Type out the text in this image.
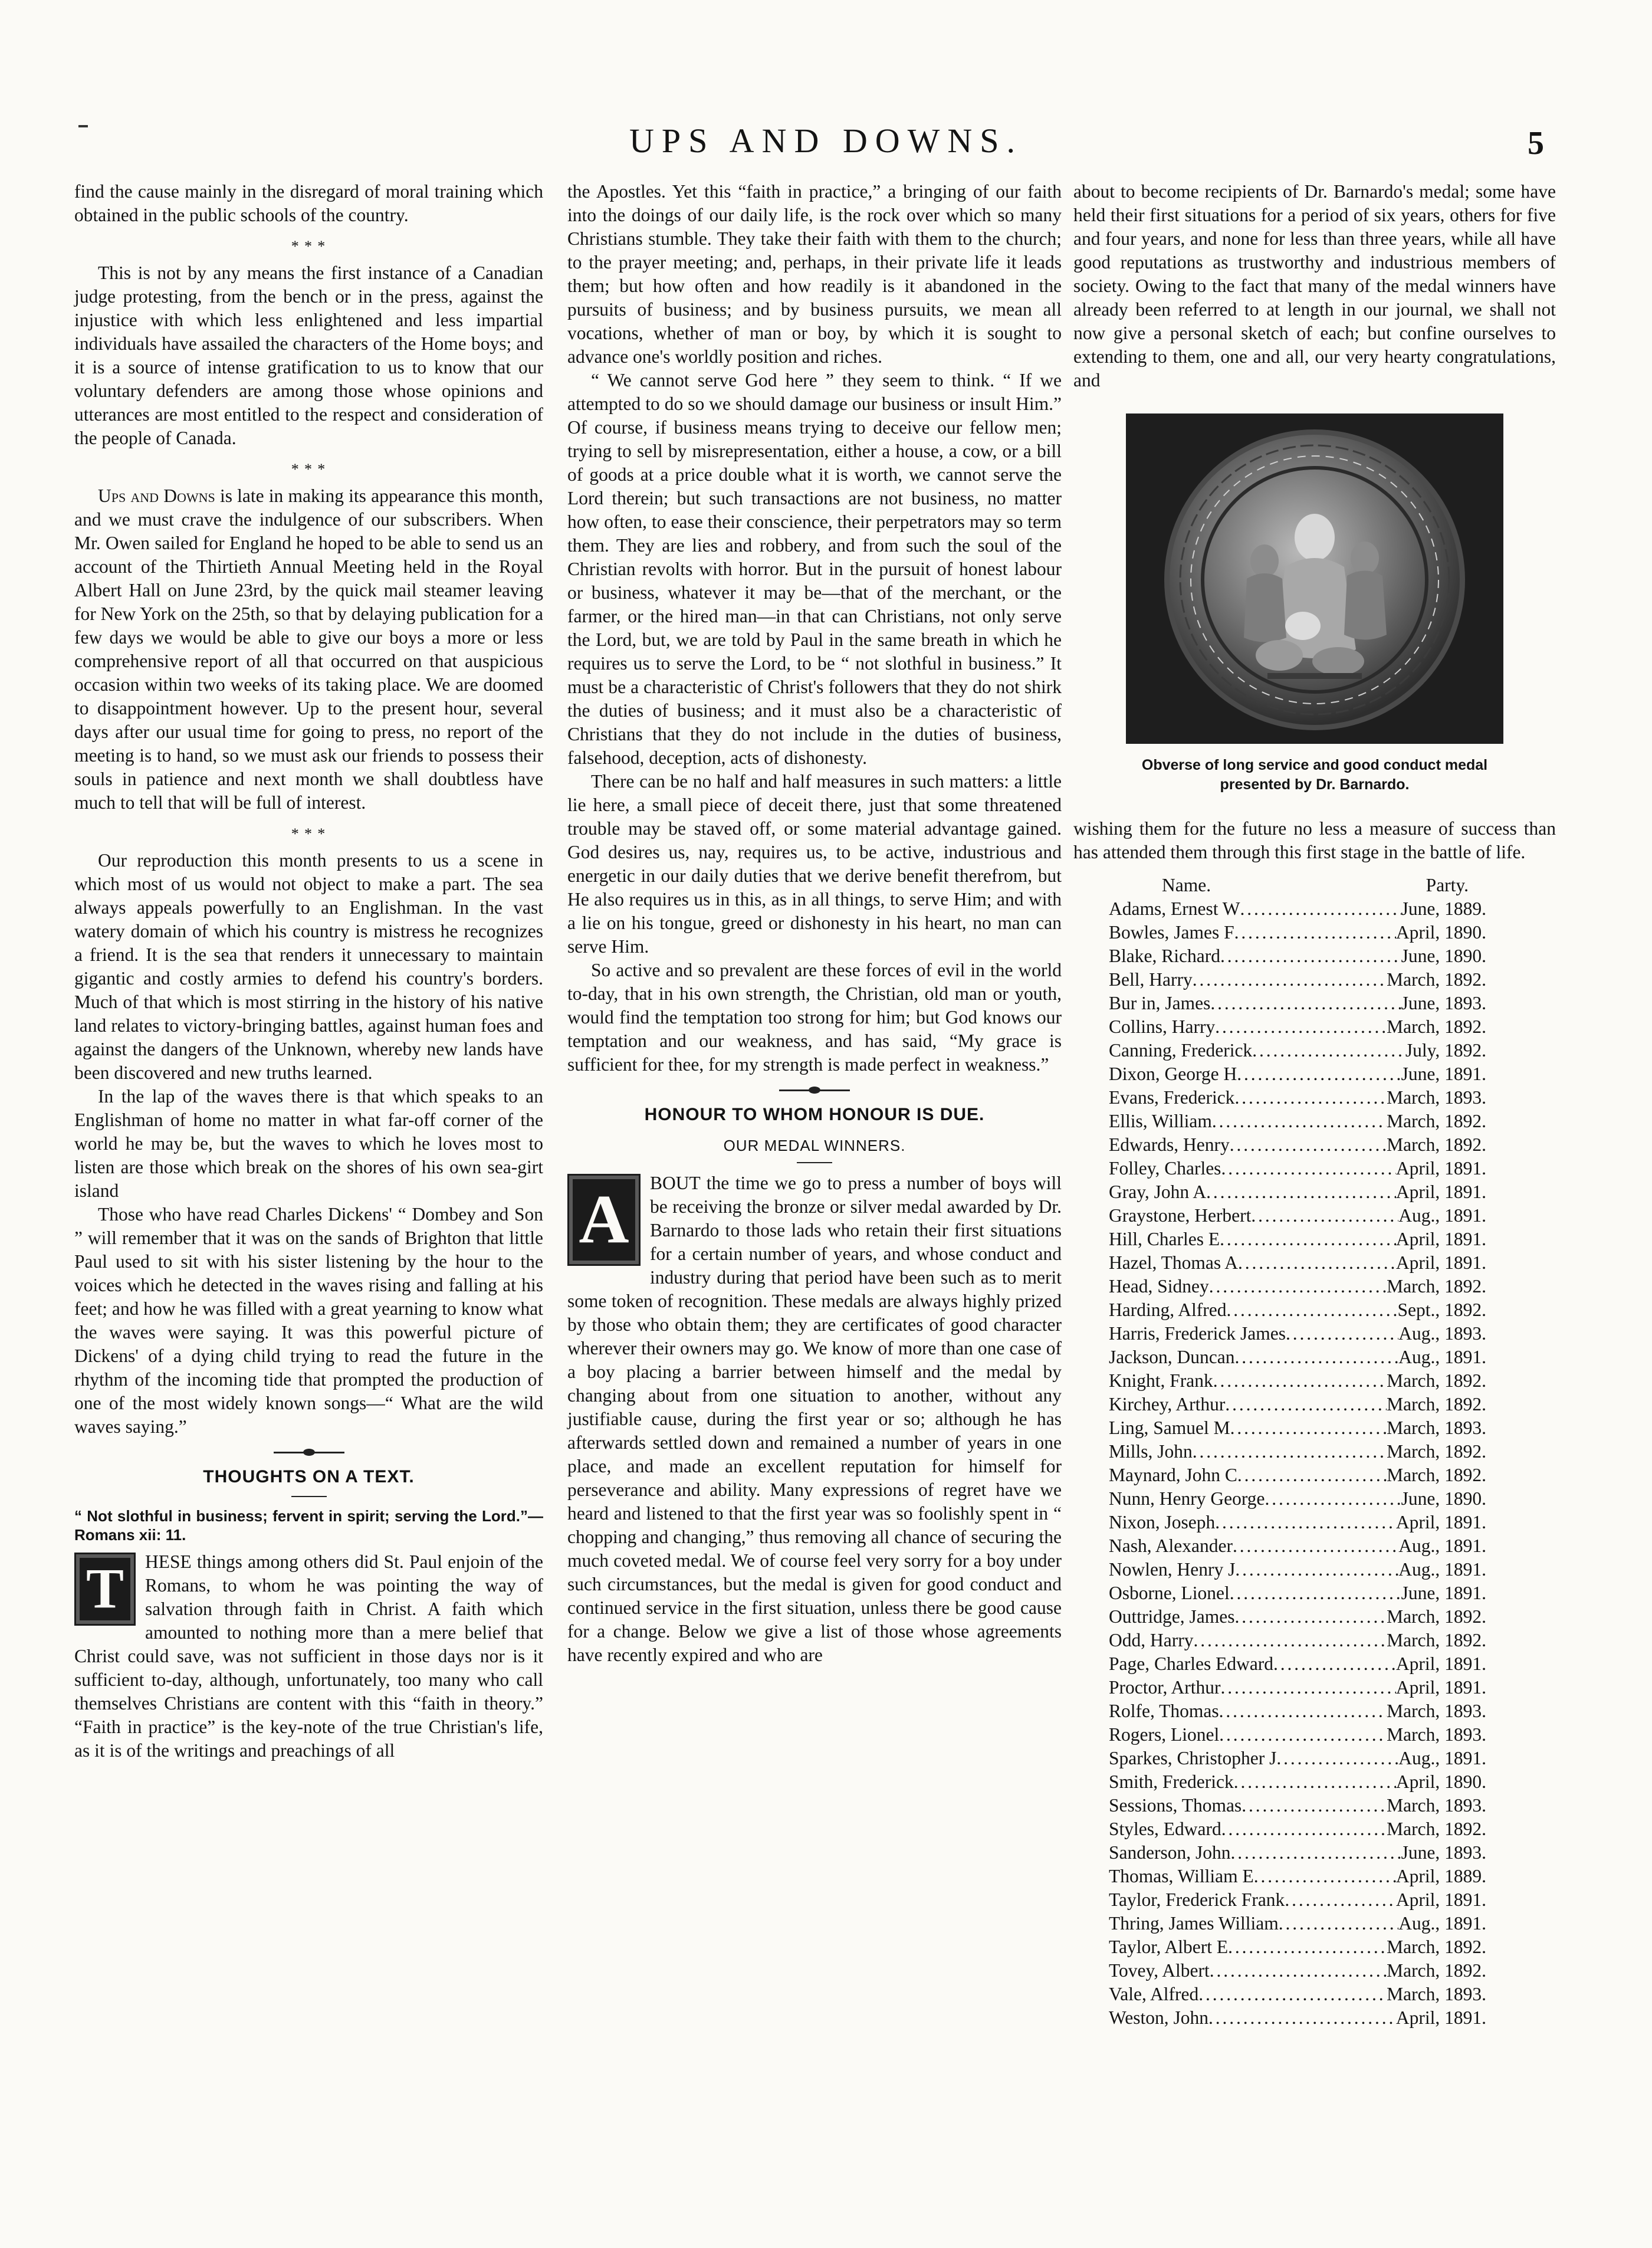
UPS AND DOWNS.	5

find the cause mainly in the disregard of moral training which obtained in the public schools of the country.

* * *

This is not by any means the first instance of a Canadian judge protesting, from the bench or in the press, against the injustice with which less enlightened and less impartial individuals have assailed the characters of the Home boys; and it is a source of intense gratification to us to know that our voluntary defenders are among those whose opinions and utterances are most entitled to the respect and consideration of the people of Canada.

* * *

Ups and Downs is late in making its appearance this month, and we must crave the indulgence of our subscribers. When Mr. Owen sailed for England he hoped to be able to send us an account of the Thirtieth Annual Meeting held in the Royal Albert Hall on June 23rd, by the quick mail steamer leaving for New York on the 25th, so that by delaying publication for a few days we would be able to give our boys a more or less comprehensive report of all that occurred on that auspicious occasion within two weeks of its taking place. We are doomed to disappointment however. Up to the present hour, several days after our usual time for going to press, no report of the meeting is to hand, so we must ask our friends to possess their souls in patience and next month we shall doubtless have much to tell that will be full of interest.

* * *

Our reproduction this month presents to us a scene in which most of us would not object to make a part. The sea always appeals powerfully to an Englishman. In the vast watery domain of which his country is mistress he recognizes a friend. It is the sea that renders it unnecessary to maintain gigantic and costly armies to defend his country's borders. Much of that which is most stirring in the history of his native land relates to victory-bringing battles, against human foes and against the dangers of the Unknown, whereby new lands have been discovered and new truths learned.

In the lap of the waves there is that which speaks to an Englishman of home no matter in what far-off corner of the world he may be, but the waves to which he loves most to listen are those which break on the shores of his own sea-girt island

Those who have read Charles Dickens' “ Dombey and Son ” will remember that it was on the sands of Brighton that little Paul used to sit with his sister listening by the hour to the voices which he detected in the waves rising and falling at his feet; and how he was filled with a great yearning to know what the waves were saying. It was this powerful picture of Dickens' of a dying child trying to read the future in the rhythm of the incoming tide that prompted the production of one of the most widely known songs—“ What are the wild waves saying.”

THOUGHTS ON A TEXT.
“ Not slothful in business; fervent in spirit; serving the Lord.”—Romans xii: 11.
T	HESE things among others did St. Paul enjoin of the Romans, to whom he was pointing the way of salvation through faith in Christ. A faith which amounted to nothing more than a mere belief that Christ could save, was not sufficient in those days nor is it sufficient to-day, although, unfortunately, too many who call themselves Christians are content with this “faith in theory.” “Faith in practice” is the key-note of the true Christian's life, as it is of the writings and preachings of all

the Apostles. Yet this “faith in practice,” a bringing of our faith into the doings of our daily life, is the rock over which so many Christians stumble. They take their faith with them to the church; to the prayer meeting; and, perhaps, in their private life it leads them; but how often and how readily is it abandoned in the pursuits of business; and by business pursuits, we mean all vocations, whether of man or boy, by which it is sought to advance one's worldly position and riches.

“ We cannot serve God here ” they seem to think. “ If we attempted to do so we should damage our business or insult Him.” Of course, if business means trying to deceive our fellow men; trying to sell by misrepresentation, either a house, a cow, or a bill of goods at a price double what it is worth, we cannot serve the Lord therein; but such transactions are not business, no matter how often, to ease their conscience, their perpetrators may so term them. They are lies and robbery, and from such the soul of the Christian revolts with horror. But in the pursuit of honest labour or business, whatever it may be—that of the merchant, or the farmer, or the hired man—in that can Christians, not only serve the Lord, but, we are told by Paul in the same breath in which he requires us to serve the Lord, to be “ not slothful in business.” It must be a characteristic of Christ's followers that they do not shirk the duties of business; and it must also be a characteristic of Christians that they do not include in the duties of business, falsehood, deception, acts of dishonesty.

There can be no half and half measures in such matters: a little lie here, a small piece of deceit there, just that some threatened trouble may be staved off, or some material advantage gained. God desires us, nay, requires us, to be active, industrious and energetic in our daily duties that we derive benefit therefrom, but He also requires us in this, as in all things, to serve Him; and with a lie on his tongue, greed or dishonesty in his heart, no man can serve Him.

So active and so prevalent are these forces of evil in the world to-day, that in his own strength, the Christian, old man or youth, would find the temptation too strong for him; but God knows our temptation and our weakness, and has said, “My grace is sufficient for thee, for my strength is made perfect in weakness.”

HONOUR TO WHOM HONOUR IS DUE.
OUR MEDAL WINNERS.
A	BOUT the time we go to press a number of boys will be receiving the bronze or silver medal awarded by Dr. Barnardo to those lads who retain their first situations for a certain number of years, and whose conduct and industry during that period have been such as to merit some token of recognition. These medals are always highly prized by those who obtain them; they are certificates of good character wherever their owners may go. We know of more than one case of a boy placing a barrier between himself and the medal by changing about from one situation to another, without any justifiable cause, during the first year or so; although he has afterwards settled down and remained a number of years in one place, and made an excellent reputation for himself for perseverance and ability. Many expressions of regret have we heard and listened to that the first year was so foolishly spent in “ chopping and changing,” thus removing all chance of securing the much coveted medal. We of course feel very sorry for a boy under such circumstances, but the medal is given for good conduct and continued service in the first situation, unless there be good cause for a change. Below we give a list of those whose agreements have recently expired and who are

about to become recipients of Dr. Barnardo's medal; some have held their first situations for a period of six years, others for five and four years, and none for less than three years, while all have good reputations as trustworthy and industrious members of society. Owing to the fact that many of the medal winners have already been referred to at length in our journal, we shall not now give a personal sketch of each; but confine ourselves to extending to them, one and all, our very hearty congratulations, and

Obverse of long service and good conduct medal presented by Dr. Barnardo.

wishing them for the future no less a measure of success than has attended them through this first stage in the battle of life.

Name.	Party.
Adams, Ernest W . . .	June, 1889.
Bowles, James F . . .	April, 1890.
Blake, Richard . . .	June, 1890.
Bell, Harry . . .	March, 1892.
Bur in, James . . .	June, 1893.
Collins, Harry . . .	March, 1892.
Canning, Frederick . . .	July, 1892.
Dixon, George H . . .	June, 1891.
Evans, Frederick . . .	March, 1893.
Ellis, William . . .	March, 1892.
Edwards, Henry . . .	March, 1892.
Folley, Charles . . .	April, 1891.
Gray, John A . . .	April, 1891.
Graystone, Herbert . . .	Aug., 1891.
Hill, Charles E . . .	April, 1891.
Hazel, Thomas A . . .	April, 1891.
Head, Sidney . . .	March, 1892.
Harding, Alfred . . .	Sept., 1892.
Harris, Frederick James . . .	Aug., 1893.
Jackson, Duncan . . .	Aug., 1891.
Knight, Frank . . .	March, 1892.
Kirchey, Arthur . . .	March, 1892.
Ling, Samuel M . . .	March, 1893.
Mills, John . . .	March, 1892.
Maynard, John C . . .	March, 1892.
Nunn, Henry George . . .	June, 1890.
Nixon, Joseph . . .	April, 1891.
Nash, Alexander . . .	Aug., 1891.
Nowlen, Henry J . . .	Aug., 1891.
Osborne, Lionel . . .	June, 1891.
Outtridge, James . . .	March, 1892.
Odd, Harry . . .	March, 1892.
Page, Charles Edward . . .	April, 1891.
Proctor, Arthur . . .	April, 1891.
Rolfe, Thomas . . .	March, 1893.
Rogers, Lionel . . .	March, 1893.
Sparkes, Christopher J . . .	Aug., 1891.
Smith, Frederick . . .	April, 1890.
Sessions, Thomas . . .	March, 1893.
Styles, Edward . . .	March, 1892.
Sanderson, John . . .	June, 1893.
Thomas, William E . . .	April, 1889.
Taylor, Frederick Frank . . .	April, 1891.
Thring, James William . . .	Aug., 1891.
Taylor, Albert E . . .	March, 1892.
Tovey, Albert . . .	March, 1892.
Vale, Alfred . . .	March, 1893.
Weston, John . . .	April, 1891.
